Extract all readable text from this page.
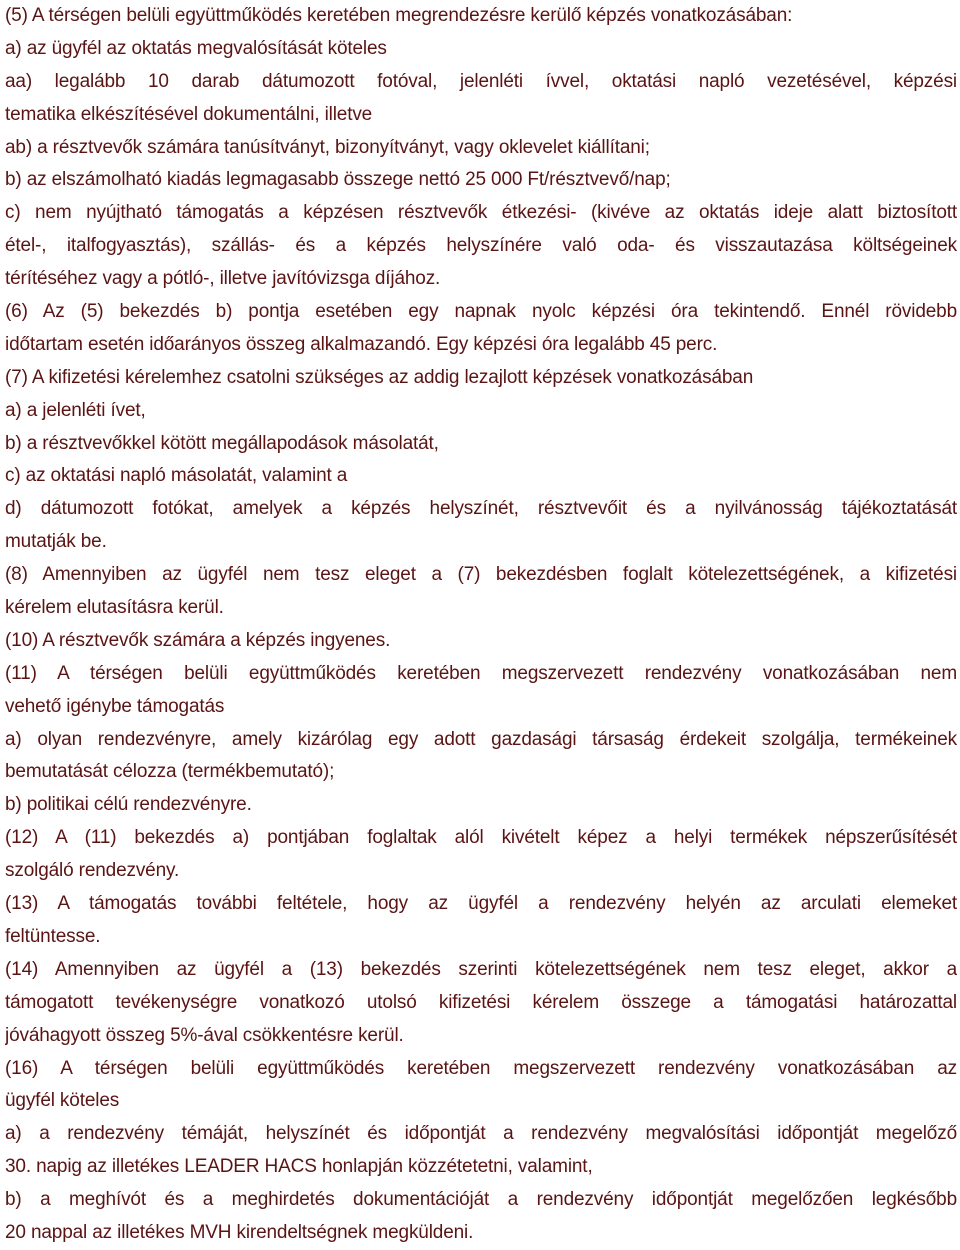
(5) A térségen belüli együttműködés keretében megrendezésre kerülő képzés vonatkozásában:
a) az ügyfél az oktatás megvalósítását köteles
aa) legalább 10 darab dátumozott fotóval, jelenléti ívvel, oktatási napló vezetésével, képzési
tematika elkészítésével dokumentálni, illetve
ab) a résztvevők számára tanúsítványt, bizonyítványt, vagy oklevelet kiállítani;
b) az elszámolható kiadás legmagasabb összege nettó 25 000 Ft/résztvevő/nap;
c) nem nyújtható támogatás a képzésen résztvevők étkezési- (kivéve az oktatás ideje alatt biztosított
étel-, italfogyasztás), szállás- és a képzés helyszínére való oda- és visszautazása költségeinek
térítéséhez vagy a pótló-, illetve javítóvizsga díjához.
(6) Az (5) bekezdés b) pontja esetében egy napnak nyolc képzési óra tekintendő. Ennél rövidebb
időtartam esetén időarányos összeg alkalmazandó. Egy képzési óra legalább 45 perc.
(7) A kifizetési kérelemhez csatolni szükséges az addig lezajlott képzések vonatkozásában
a) a jelenléti ívet,
b) a résztvevőkkel kötött megállapodások másolatát,
c) az oktatási napló másolatát, valamint a
d) dátumozott fotókat, amelyek a képzés helyszínét, résztvevőit és a nyilvánosság tájékoztatását
mutatják be.
(8) Amennyiben az ügyfél nem tesz eleget a (7) bekezdésben foglalt kötelezettségének, a kifizetési
kérelem elutasításra kerül.
(10) A résztvevők számára a képzés ingyenes.
(11) A térségen belüli együttműködés keretében megszervezett rendezvény vonatkozásában nem
vehető igénybe támogatás
a) olyan rendezvényre, amely kizárólag egy adott gazdasági társaság érdekeit szolgálja, termékeinek
bemutatását célozza (termékbemutató);
b) politikai célú rendezvényre.
(12) A (11) bekezdés a) pontjában foglaltak alól kivételt képez a helyi termékek népszerűsítését
szolgáló rendezvény.
(13) A támogatás további feltétele, hogy az ügyfél a rendezvény helyén az arculati elemeket
feltüntesse.
(14) Amennyiben az ügyfél a (13) bekezdés szerinti kötelezettségének nem tesz eleget, akkor a
támogatott tevékenységre vonatkozó utolsó kifizetési kérelem összege a támogatási határozattal
jóváhagyott összeg 5%-ával csökkentésre kerül.
(16) A térségen belüli együttműködés keretében megszervezett rendezvény vonatkozásában az
ügyfél köteles
a) a rendezvény témáját, helyszínét és időpontját a rendezvény megvalósítási időpontját megelőző
30. napig az illetékes LEADER HACS honlapján közzétetetni, valamint,
b) a meghívót és a meghirdetés dokumentációját a rendezvény időpontját megelőzően legkésőbb
20 nappal az illetékes MVH kirendeltségnek megküldeni.
